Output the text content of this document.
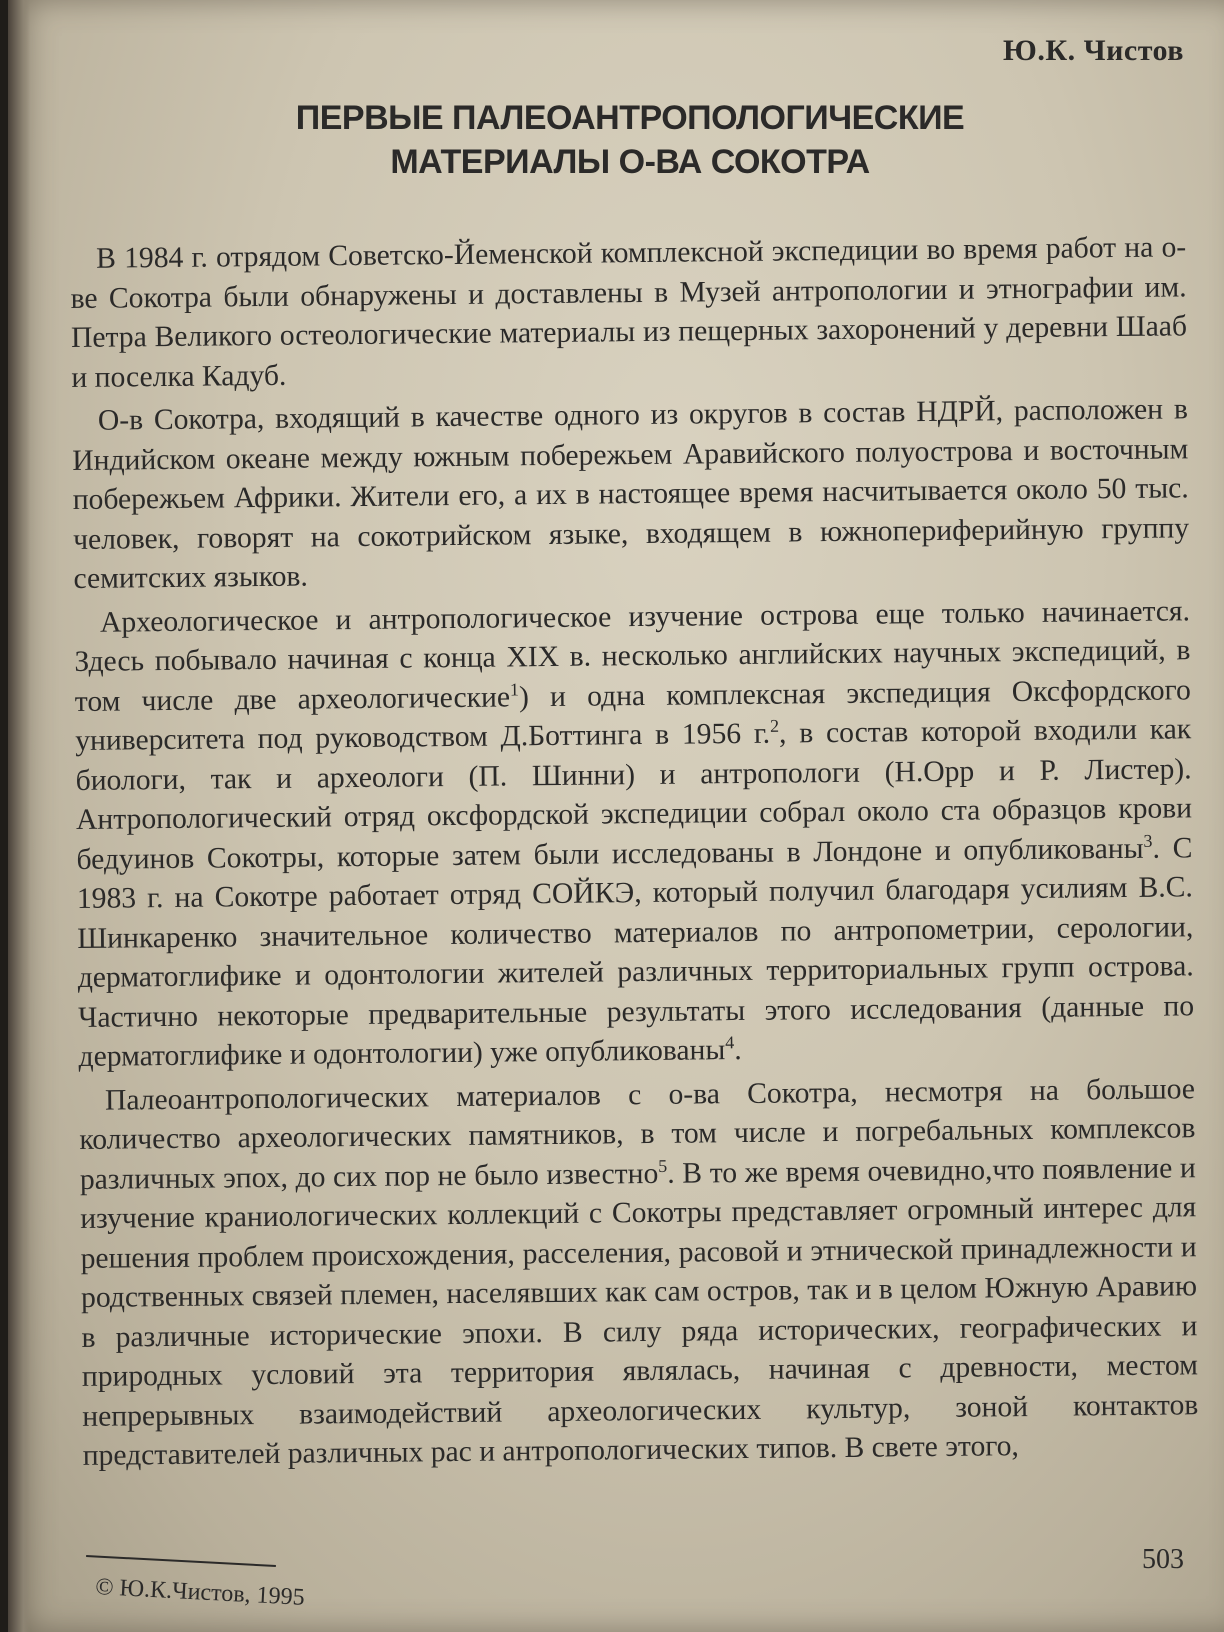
Ю.К. Чистов
ПЕРВЫЕ ПАЛЕОАНТРОПОЛОГИЧЕСКИЕ
МАТЕРИАЛЫ О-ВА СОКОТРА

В 1984 г. отрядом Советско-Йеменской комплексной экспедиции во время работ на о-ве Сокотра были обнаружены и доставлены в Музей антропологии и этнографии им. Петра Великого остеологические материалы из пещерных захоронений у деревни Шааб и поселка Кадуб.

О-в Сокотра, входящий в качестве одного из округов в состав НДРЙ, расположен в Индийском океане между южным побережьем Аравийского полуострова и восточным побережьем Африки. Жители его, а их в настоящее время насчитывается около 50 тыс. человек, говорят на сокотрийском языке, входящем в южнопериферийную группу семитских языков.

Археологическое и антропологическое изучение острова еще только начинается. Здесь побывало начиная с конца XIX в. несколько английских научных экспедиций, в том числе две археологические$^1$) и одна комплексная экспедиция Оксфордского университета под руководством Д.Боттинга в 1956 г.$^2$, в состав которой входили как биологи, так и археологи (П. Шинни) и антропологи (Н.Орр и Р. Листер). Антропологический отряд оксфордской экспедиции собрал около ста образцов крови бедуинов Сокотры, которые затем были исследованы в Лондоне и опубликованы$^3$. С 1983 г. на Сокотре работает отряд СОЙКЭ, который получил благодаря усилиям В.С. Шинкаренко значительное количество материалов по антропометрии, серологии, дерматоглифике и одонтологии жителей различных территориальных групп острова. Частично некоторые предварительные результаты этого исследования (данные по дерматоглифике и одонтологии) уже опубликованы$^4$.

Палеоантропологических материалов с о-ва Сокотра, несмотря на большое количество археологических памятников, в том числе и погребальных комплексов различных эпох, до сих пор не было известно$^5$. В то же время очевидно,что появление и изучение краниологических коллекций с Сокотры представляет огромный интерес для решения проблем происхождения, расселения, расовой и этнической принадлежности и родственных связей племен, населявших как сам остров, так и в целом Южную Аравию в различные исторические эпохи. В силу ряда исторических, географических и природных условий эта территория являлась, начиная с древности, местом непрерывных взаимодействий археологических культур, зоной контактов представителей различных рас и антропологических типов. В свете этого,

© Ю.К.Чистов, 1995
503
